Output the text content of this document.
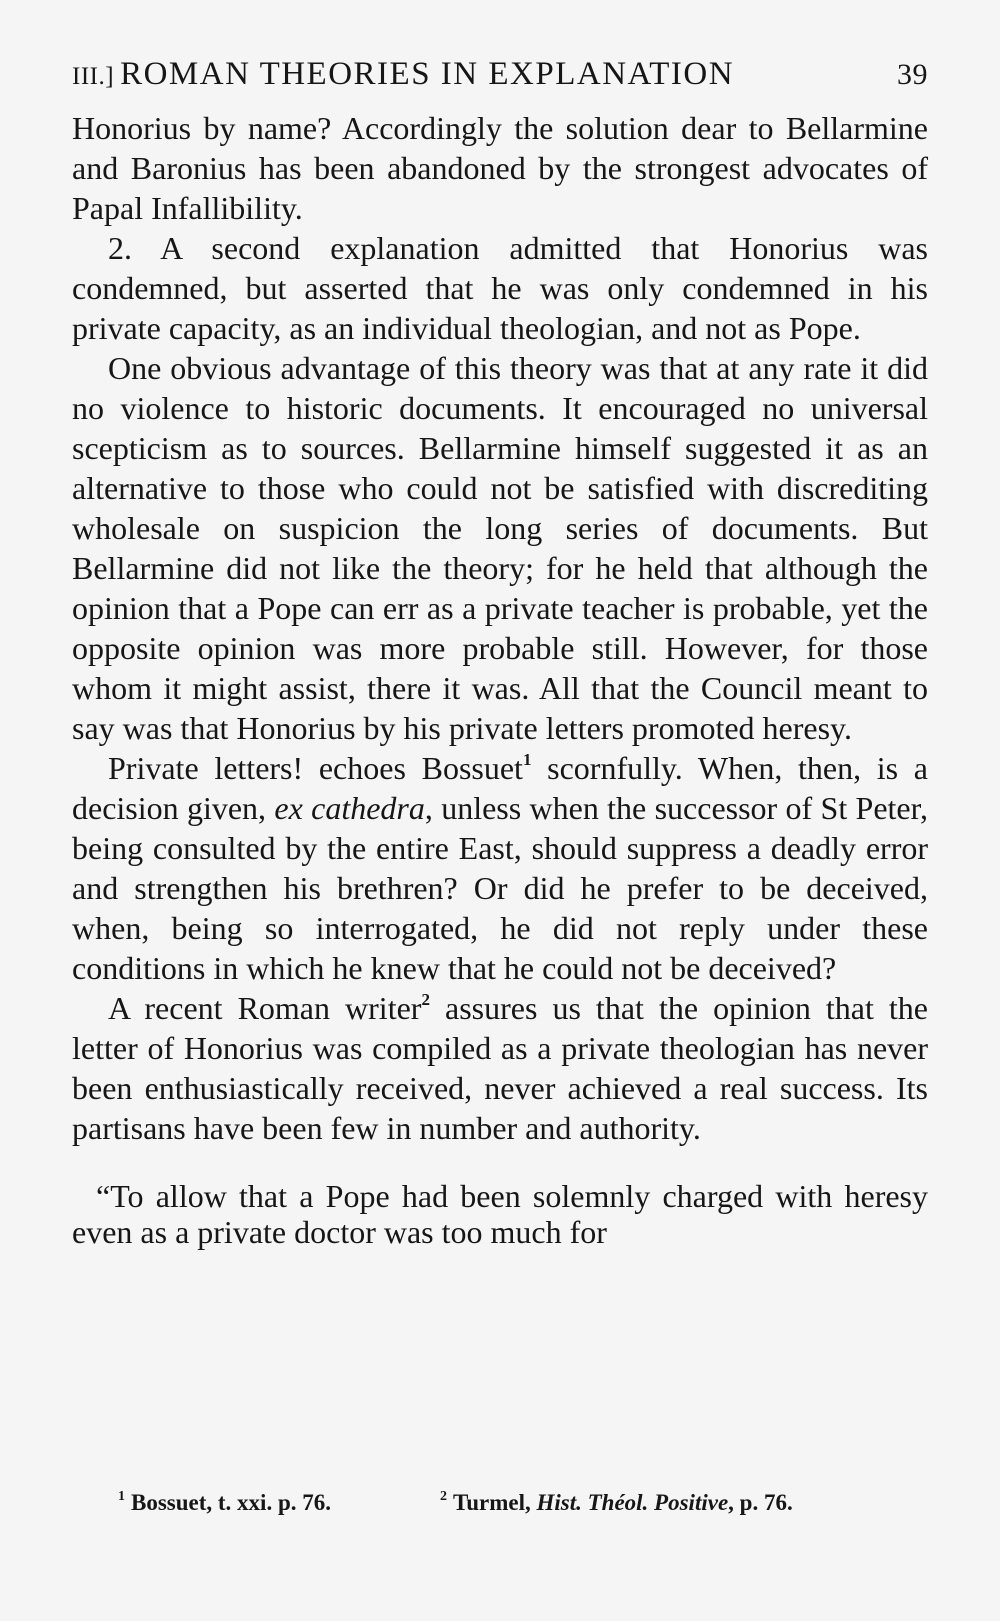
III.] ROMAN THEORIES IN EXPLANATION	39

Honorius by name? Accordingly the solution dear to Bellarmine and Baronius has been abandoned by the strongest advocates of Papal Infallibility.

2. A second explanation admitted that Honorius was condemned, but asserted that he was only condemned in his private capacity, as an individual theologian, and not as Pope.

One obvious advantage of this theory was that at any rate it did no violence to historic documents. It encouraged no universal scepticism as to sources. Bellarmine himself suggested it as an alternative to those who could not be satisfied with discrediting wholesale on suspicion the long series of documents. But Bellarmine did not like the theory; for he held that although the opinion that a Pope can err as a private teacher is probable, yet the opposite opinion was more probable still. However, for those whom it might assist, there it was. All that the Council meant to say was that Honorius by his private letters promoted heresy.

Private letters! echoes Bossuet$^1$ scornfully. When, then, is a decision given, ex cathedra, unless when the successor of St Peter, being consulted by the entire East, should suppress a deadly error and strengthen his brethren? Or did he prefer to be deceived, when, being so interrogated, he did not reply under these conditions in which he knew that he could not be deceived?

A recent Roman writer$^2$ assures us that the opinion that the letter of Honorius was compiled as a private theologian has never been enthusiastically received, never achieved a real success. Its partisans have been few in number and authority.

“To allow that a Pope had been solemnly charged with heresy even as a private doctor was too much for

$^1$ Bossuet, t. xxi. p. 76.	$^2$ Turmel, Hist. Théol. Positive, p. 76.
